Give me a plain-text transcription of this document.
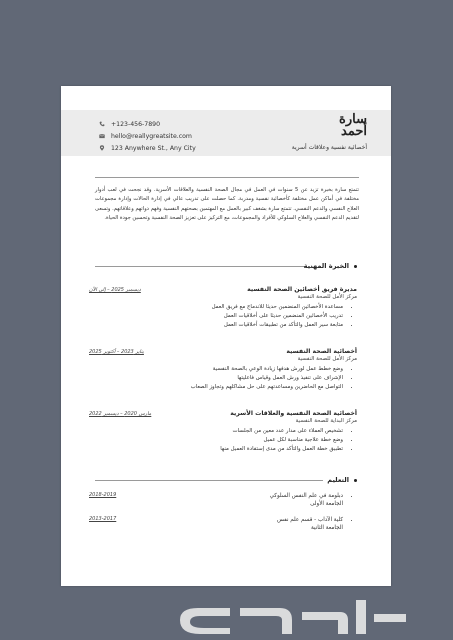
+123-456-7890
hello@reallygreatsite.com
123 Anywhere St., Any City
سارة
أحمد
أخصائية نفسية وعلاقات أسرية
تتمتع سارة بخبرة تزيد عن 5 سنوات في العمل في مجال الصحة النفسية والعلاقات الأسرية. وقد نجحت في لعب أدوار مختلفة في أماكن عمل مختلفة كأخصائية نفسية ومدربة. كما حصلت على تدريب عالي في إدارة الحالات وإدارة مجموعات العلاج النفسي والدعم النفسي. تتمتع سارة بشغف كبير بالعمل مع المهتمين بصحتهم النفسية وفهم ذواتهم وعلاقاتهم. وتسعى لتقديم الدعم النفسي والعلاج السلوكي للأفراد والمجموعات، مع التركيز على تعزيز الصحة النفسية وتحسين جودة الحياة.
الخبرة المهنية
مديرة فريق أخصائين الصحة النفسية
ديسمبر 2025 – إلى الآن
مركز الأمل للصحة النفسية
• مساعدة الأخصائين المنضمين حديثا للاندماج مع فريق العمل
• تدريب الأخصائين المنضمين حديثا على أخلاقيات العمل
• متابعة سير العمل والتأكد من تطبيقات أخلاقيات العمل
أخصائية الصحة النفسية
يناير 2023 – أكتوبر 2025
مركز الأمل للصحة النفسية
• وضع خطط عمل لورش هدفها زيادة الوعي بالصحة النفسية
• الإشراف على تنفيذ ورش العمل وقياس فاعليتها
• التواصل مع الحاضرين ومساعدتهم على حل مشاكلهم وتجاوز الصعاب
أخصائية الصحة النفسية والعلاقات الأسرية
مارس 2020 – ديسمبر 2022
مركز البداية للصحة النفسية
• تشخيص العملاء على مدار عدد معين من الجلسات
• وضع خطة علاجية مناسبة لكل عميل
• تطبيق خطة العمل والتأكد من مدى إستفادة العميل منها
التعليم
• دبلومة في علم النفس السلوكي
الجامعة الأولى
2018-2019
• كلية الآداب - قسم علم نفس
الجامعة الثانية
2013-2017
